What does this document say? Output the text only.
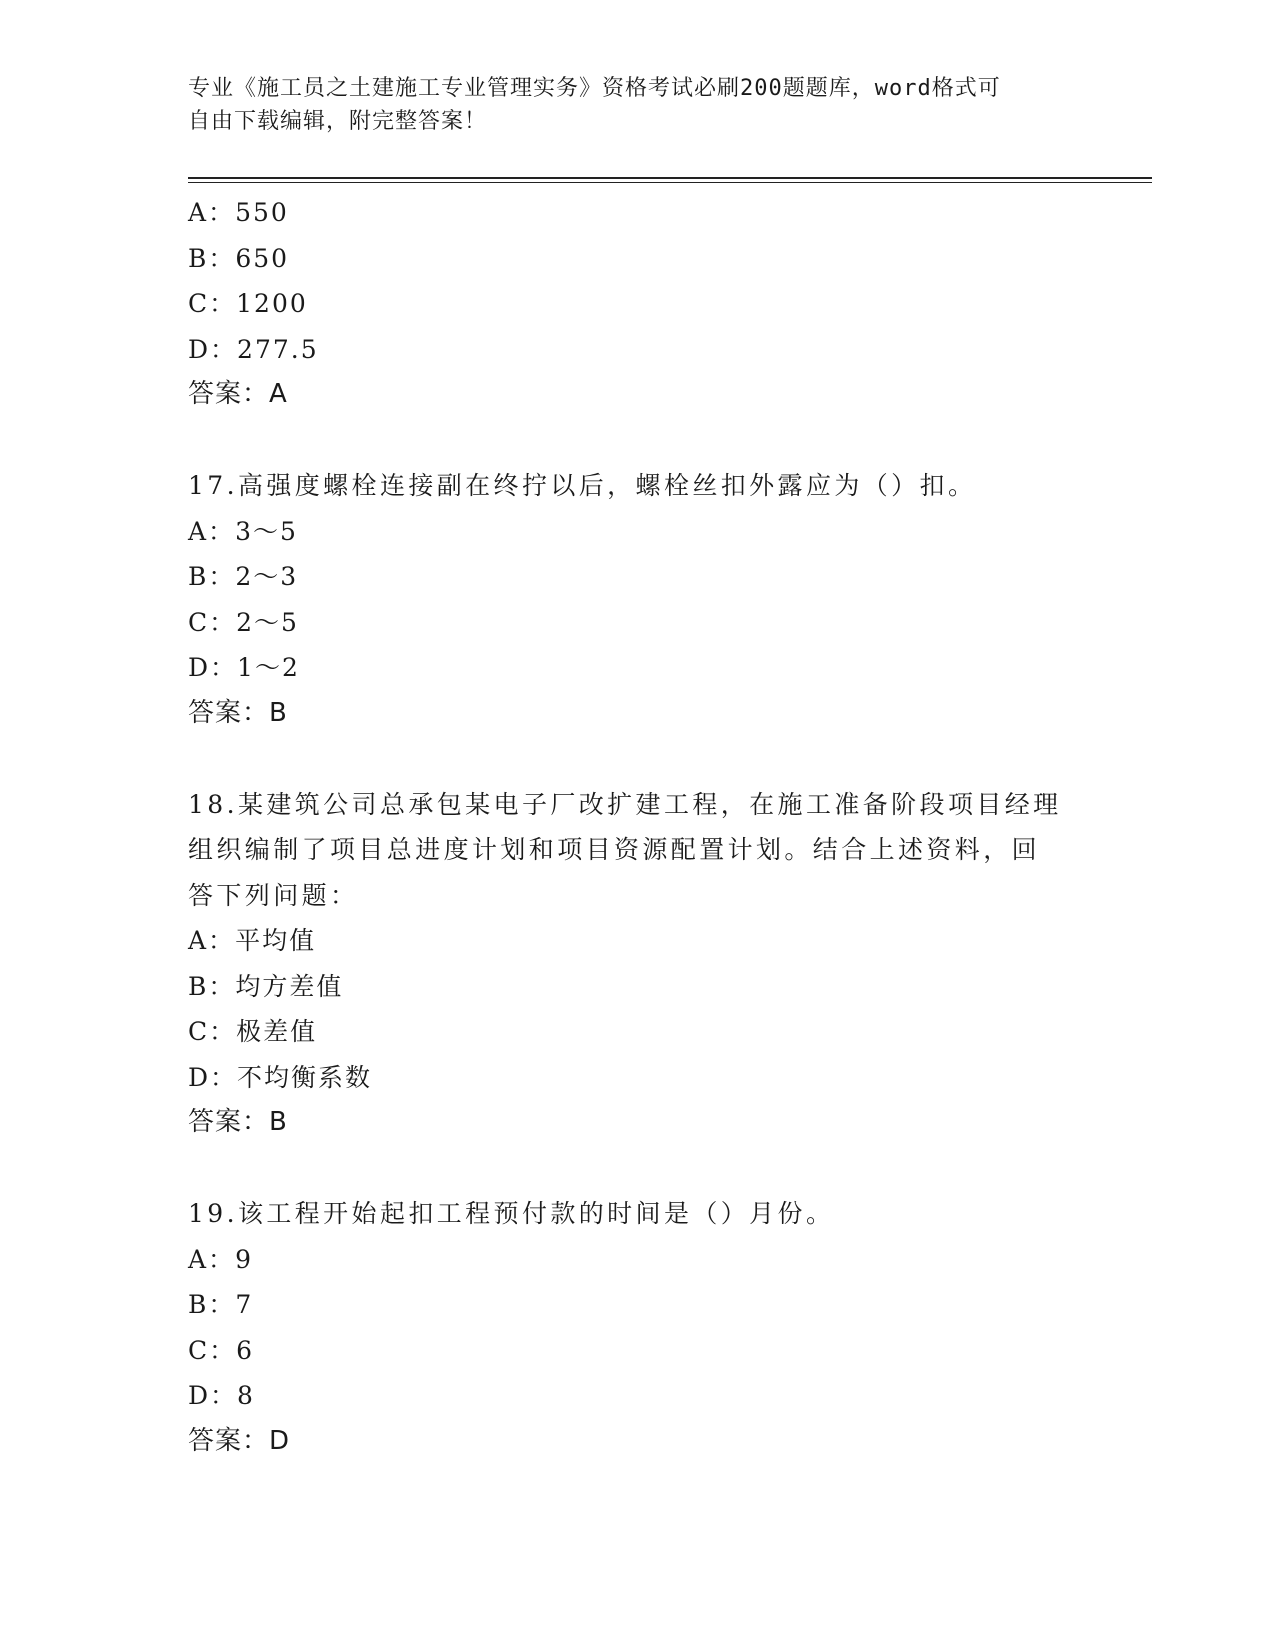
专业《施工员之土建施工专业管理实务》资格考试必刷200题题库，word格式可
自由下载编辑，附完整答案！
A：550
B：650
C：1200
D：277.5
答案：A
17.高强度螺栓连接副在终拧以后，螺栓丝扣外露应为（）扣。
A：3～5
B：2～3
C：2～5
D：1～2
答案：B
18.某建筑公司总承包某电子厂改扩建工程，在施工准备阶段项目经理组织编制了项目总进度计划和项目资源配置计划。结合上述资料，回答下列问题：
A：平均值
B：均方差值
C：极差值
D：不均衡系数
答案：B
19.该工程开始起扣工程预付款的时间是（）月份。
A：9
B：7
C：6
D：8
答案：D
